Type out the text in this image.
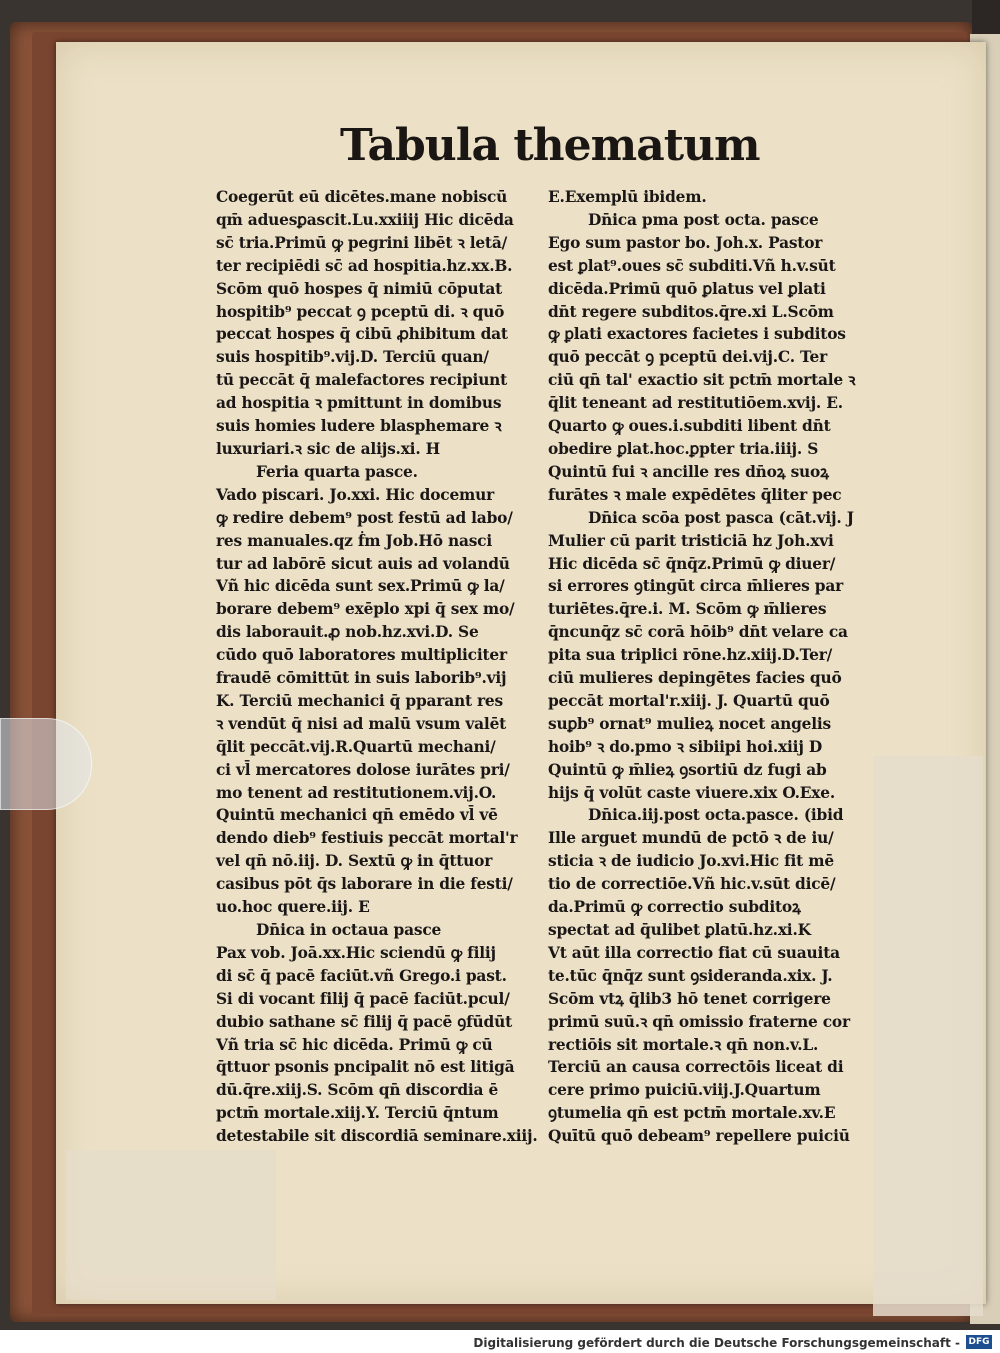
Tabula thematum
Coegerūt eū dicētes.mane nobiscū
qm̄ aduesꝑascit.Lu.xxiiij Hic dicēda
sc̄ tria.Primū ꝙ pegrini libēt ꝛ letā/
ter recipiēdi sc̄ ad hospitia.hz.xx.B.
Scōm quō hospes q̄ nimiū cōputat
hospitib⁹ peccat ꝯ pceptū di. ꝛ quō
peccat hospes q̄ cibū ꝓhibitum dat
suis hospitib⁹.vij.D. Terciū quan/
tū peccāt q̄ malefactores recipiunt
ad hospitia ꝛ pmittunt in domibus
suis homies ludere blasphemare ꝛ
luxuriari.ꝛ sic de alijs.xi. H
Feria quarta pasce.
Vado piscari. Jo.xxi. Hic docemur
ꝙ redire debem⁹ post festū ad labo/
res manuales.qz ḟm Job.Hō nasci
tur ad labōrē sicut auis ad volandū
Vñ hic dicēda sunt sex.Primū ꝙ la/
borare debem⁹ exēplo xpi q̄ sex mo/
dis laborauit.ꝓ nob.hz.xvi.D. Se
cūdo quō laboratores multipliciter
fraudē cōmittūt in suis laborib⁹.vij
K. Terciū mechanici q̄ pparant res
ꝛ vendūt q̄ nisi ad malū vsum valēt
q̄lit peccāt.vij.R.Quartū mechani/
ci vl̄ mercatores dolose iurātes pri/
mo tenent ad restitutionem.vij.O.
Quintū mechanici qn̄ emēdo vl̄ vē
dendo dieb⁹ festiuis peccāt mortal'r
vel qn̄ nō.iij. D. Sextū ꝙ in q̄ttuor
casibus pōt q̄s laborare in die festi/
uo.hoc quere.iij. E
Dn̄ica in octaua pasce
Pax vob. Joā.xx.Hic sciendū ꝙ filij
di sc̄ q̄ pacē faciūt.vñ Grego.i past.
Si di vocant filij q̄ pacē faciūt.pcul/
dubio sathane sc̄ filij q̄ pacē ꝯfūdūt
Vñ tria sc̄ hic dicēda. Primū ꝙ cū
q̄ttuor psonis pncipalit nō est litigā
dū.q̄re.xiij.S. Scōm qn̄ discordia ē
pctm̄ mortale.xiij.Y. Terciū q̄ntum
detestabile sit discordiā seminare.xiij.
E.Exemplū ibidem.
Dn̄ica pma post octa. pasce
Ego sum pastor bo. Joh.x. Pastor
est ꝑlat⁹.oues sc̄ subditi.Vñ h.v.sūt
dicēda.Primū quō ꝑlatus vel ꝑlati
dn̄t regere subditos.q̄re.xi L.Scōm
ꝙ ꝑlati exactores facietes i subditos
quō peccāt ꝯ pceptū dei.vij.C. Ter
ciū qn̄ tal' exactio sit pctm̄ mortale ꝛ
q̄lit teneant ad restitutiōem.xvij. E.
Quarto ꝙ oues.i.subditi libent dn̄t
obedire ꝑlat.hoc.ꝑpter tria.iiij. S
Quintū fui ꝛ ancille res dn̄oꝝ suoꝝ
furātes ꝛ male expēdētes q̄liter pec
Dn̄ica scōa post pasca (cāt.vij. J
Mulier cū parit tristiciā hz Joh.xvi
Hic dicēda sc̄ q̄nq̄z.Primū ꝙ diuer/
si errores ꝯtingūt circa m̄lieres par
turiētes.q̄re.i. M. Scōm ꝙ m̄lieres
q̄ncunq̄z sc̄ corā hōib⁹ dn̄t velare ca
pita sua triplici rōne.hz.xiij.D.Ter/
ciū mulieres depingētes facies quō
peccāt mortal'r.xiij. J. Quartū quō
suꝑb⁹ ornat⁹ mulieꝝ nocet angelis
hoib⁹ ꝛ do.pmo ꝛ sibiipi hoi.xiij D
Quintū ꝙ m̄lieꝝ ꝯsortiū dz fugi ab
hijs q̄ volūt caste viuere.xix O.Exe.
Dn̄ica.iij.post octa.pasce. (ibid
Ille arguet mundū de pctō ꝛ de iu/
sticia ꝛ de iudicio Jo.xvi.Hic fit mē
tio de correctiōe.Vñ hic.v.sūt dicē/
da.Primū ꝙ correctio subditoꝝ
spectat ad q̄ulibet ꝑlatū.hz.xi.K
Vt aūt illa correctio fiat cū suauita
te.tūc q̄nq̄z sunt ꝯsideranda.xix. J.
Scōm vtꝝ q̄lib3 hō tenet corrigere
primū suū.ꝛ qn̄ omissio fraterne cor
rectiōis sit mortale.ꝛ qn̄ non.v.L.
Terciū an causa correctōis liceat di
cere primo puiciū.viij.J.Quartum
ꝯtumelia qn̄ est pctm̄ mortale.xv.E
Quītū quō debeam⁹ repellere puiciū
Digitalisierung gefördert durch die Deutsche Forschungsgemeinschaft - DFG
